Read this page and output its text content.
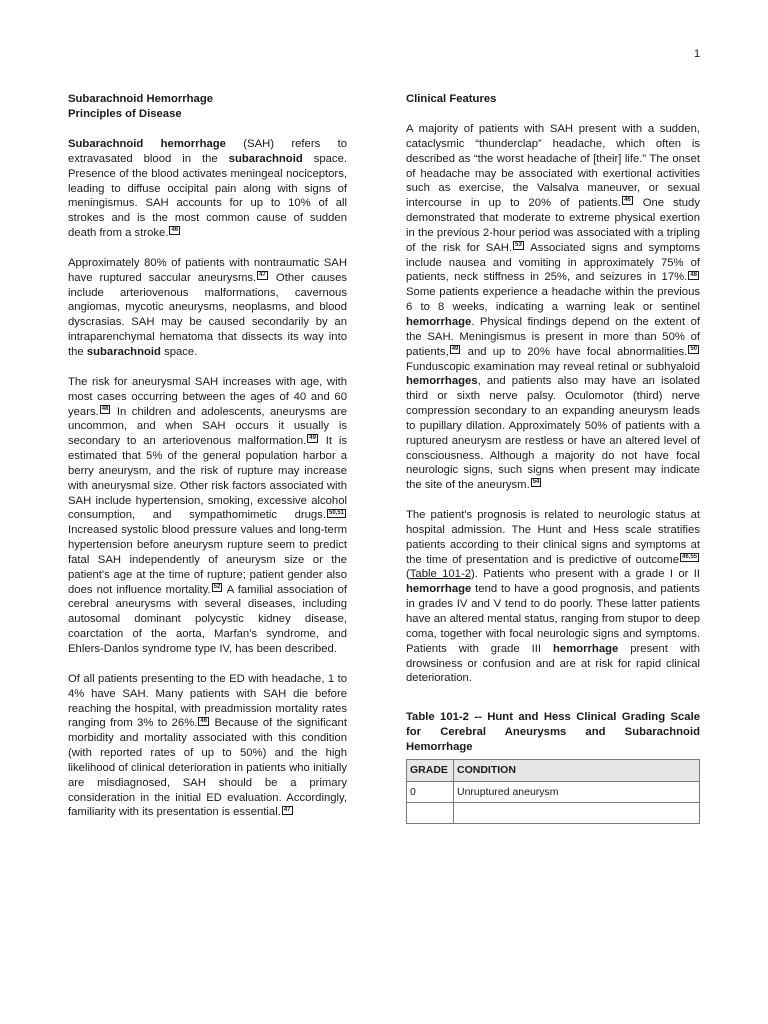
1
Subarachnoid Hemorrhage
Principles of Disease

Subarachnoid hemorrhage (SAH) refers to extravasated blood in the subarachnoid space. Presence of the blood activates meningeal nociceptors, leading to diffuse occipital pain along with signs of meningismus. SAH accounts for up to 10% of all strokes and is the most common cause of sudden death from a stroke. 46

Approximately 80% of patients with nontraumatic SAH have ruptured saccular aneurysms. 47 Other causes include arteriovenous malformations, cavernous angiomas, mycotic aneurysms, neoplasms, and blood dyscrasias. SAH may be caused secondarily by an intraparenchymal hematoma that dissects its way into the subarachnoid space.

The risk for aneurysmal SAH increases with age, with most cases occurring between the ages of 40 and 60 years. 48 In children and adolescents, aneurysms are uncommon, and when SAH occurs it usually is secondary to an arteriovenous malformation. 49 It is estimated that 5% of the general population harbor a berry aneurysm, and the risk of rupture may increase with aneurysmal size. Other risk factors associated with SAH include hypertension, smoking, excessive alcohol consumption, and sympathomimetic drugs. 50,51 Increased systolic blood pressure values and long-term hypertension before aneurysm rupture seem to predict fatal SAH independently of aneurysm size or the patient's age at the time of rupture; patient gender also does not influence mortality. 52 A familial association of cerebral aneurysms with several diseases, including autosomal dominant polycystic kidney disease, coarctation of the aorta, Marfan's syndrome, and Ehlers-Danlos syndrome type IV, has been described.

Of all patients presenting to the ED with headache, 1 to 4% have SAH. Many patients with SAH die before reaching the hospital, with preadmission mortality rates ranging from 3% to 26%. 46 Because of the significant morbidity and mortality associated with this condition (with reported rates of up to 50%) and the high likelihood of clinical deterioration in patients who initially are misdiagnosed, SAH should be a primary consideration in the initial ED evaluation. Accordingly, familiarity with its presentation is essential. 47

Clinical Features

A majority of patients with SAH present with a sudden, cataclysmic “thunderclap” headache, which often is described as “the worst headache of [their] life.” The onset of headache may be associated with exertional activities such as exercise, the Valsalva maneuver, or sexual intercourse in up to 20% of patients. 46 One study demonstrated that moderate to extreme physical exertion in the previous 2-hour period was associated with a tripling of the risk for SAH. 53 Associated signs and symptoms include nausea and vomiting in approximately 75% of patients, neck stiffness in 25%, and seizures in 17%. 48 Some patients experience a headache within the previous 6 to 8 weeks, indicating a warning leak or sentinel hemorrhage. Physical findings depend on the extent of the SAH. Meningismus is present in more than 50% of patients, 49 and up to 20% have focal abnormalities. 50 Funduscopic examination may reveal retinal or subhyaloid hemorrhages, and patients also may have an isolated third or sixth nerve palsy. Oculomotor (third) nerve compression secondary to an expanding aneurysm leads to pupillary dilation. Approximately 50% of patients with a ruptured aneurysm are restless or have an altered level of consciousness. Although a majority do not have focal neurologic signs, such signs when present may indicate the site of the aneurysm. 54

The patient's prognosis is related to neurologic status at hospital admission. The Hunt and Hess scale stratifies patients according to their clinical signs and symptoms at the time of presentation and is predictive of outcome 46,55 (Table 101-2). Patients who present with a grade I or II hemorrhage tend to have a good prognosis, and patients in grades IV and V tend to do poorly. These latter patients have an altered mental status, ranging from stupor to deep coma, together with focal neurologic signs and symptoms. Patients with grade III hemorrhage present with drowsiness or confusion and are at risk for rapid clinical deterioration.

Table 101-2 -- Hunt and Hess Clinical Grading Scale for Cerebral Aneurysms and Subarachnoid Hemorrhage
GRADE	CONDITION
0	Unruptured aneurysm
